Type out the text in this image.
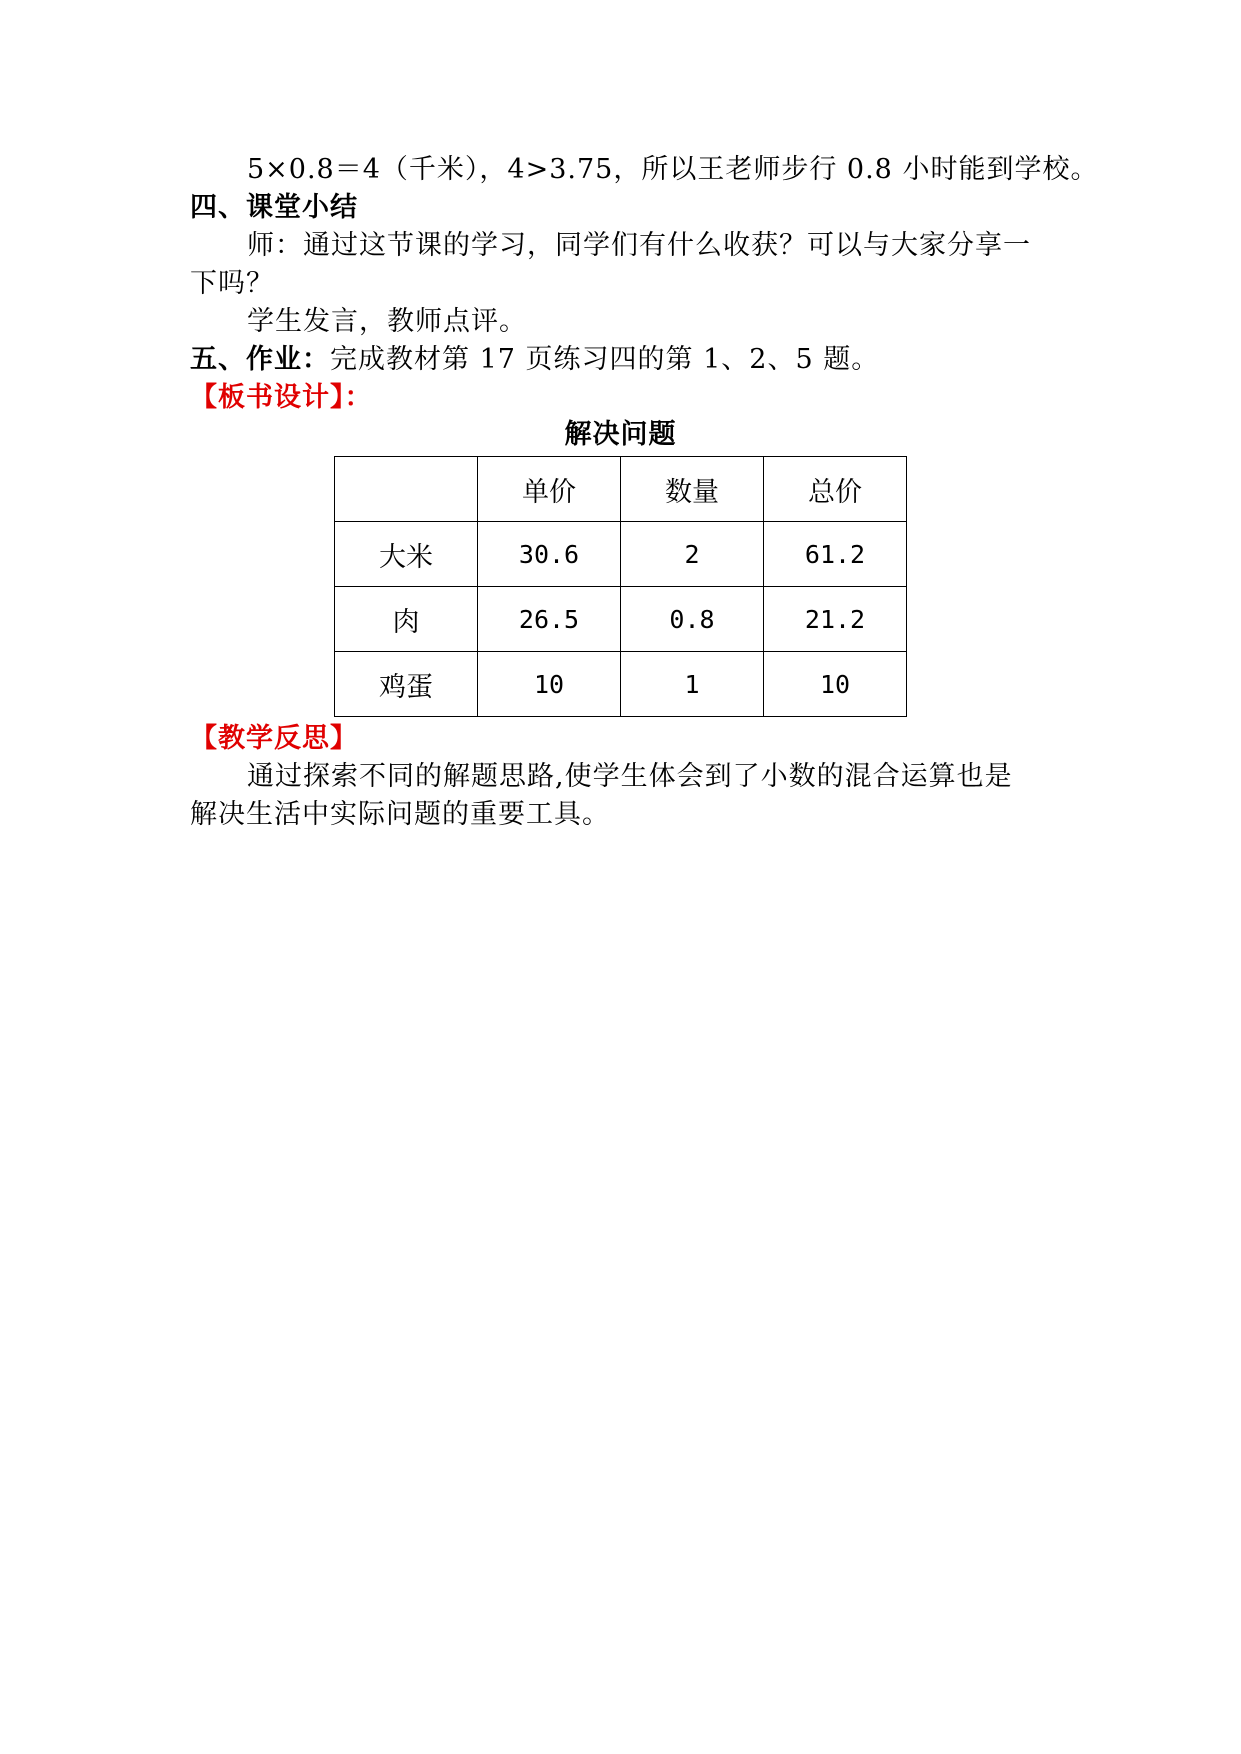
5×0.8＝4（千米），4>3.75，所以王老师步行 0.8 小时能到学校。
四、课堂小结
师：通过这节课的学习，同学们有什么收获？可以与大家分享一
下吗？
学生发言，教师点评。
五、作业：完成教材第 17 页练习四的第 1、2、5 题。
【板书设计】：
解决问题
	单价	数量	总价
大米	30.6	2	61.2
肉	26.5	0.8	21.2
鸡蛋	10	1	10
【教学反思】
通过探索不同的解题思路,使学生体会到了小数的混合运算也是
解决生活中实际问题的重要工具。
